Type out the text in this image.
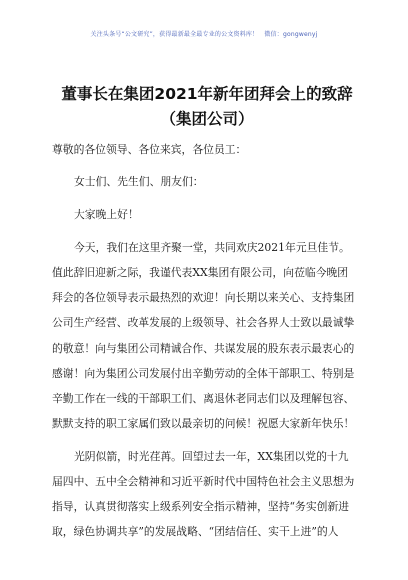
关注头条号“公文研究”，获得最新最全最专业的公文资料库！ 微信：gongwenyj
董事长在集团2021年新年团拜会上的致辞（集团公司）
尊敬的各位领导、各位来宾，各位员工：
女士们、先生们、朋友们：
大家晚上好！
今天，我们在这里齐聚一堂，共同欢庆2021年元旦佳节。
值此辞旧迎新之际，我谨代表XX集团有限公司，向莅临今晚团
拜会的各位领导表示最热烈的欢迎！向长期以来关心、支持集团
公司生产经营、改革发展的上级领导、社会各界人士致以最诚挚
的敬意！向与集团公司精诚合作、共谋发展的股东表示最衷心的
感谢！向为集团公司发展付出辛勤劳动的全体干部职工、特别是
辛勤工作在一线的干部职工们、离退休老同志们以及理解包容、
默默支持的职工家属们致以最亲切的问候！祝愿大家新年快乐！
光阴似箭，时光荏苒。回望过去一年，XX集团以党的十九
届四中、五中全会精神和习近平新时代中国特色社会主义思想为
指导，认真贯彻落实上级系列安全指示精神，坚持“务实创新进
取，绿色协调共享”的发展战略、“团结信任、实干上进”的人
